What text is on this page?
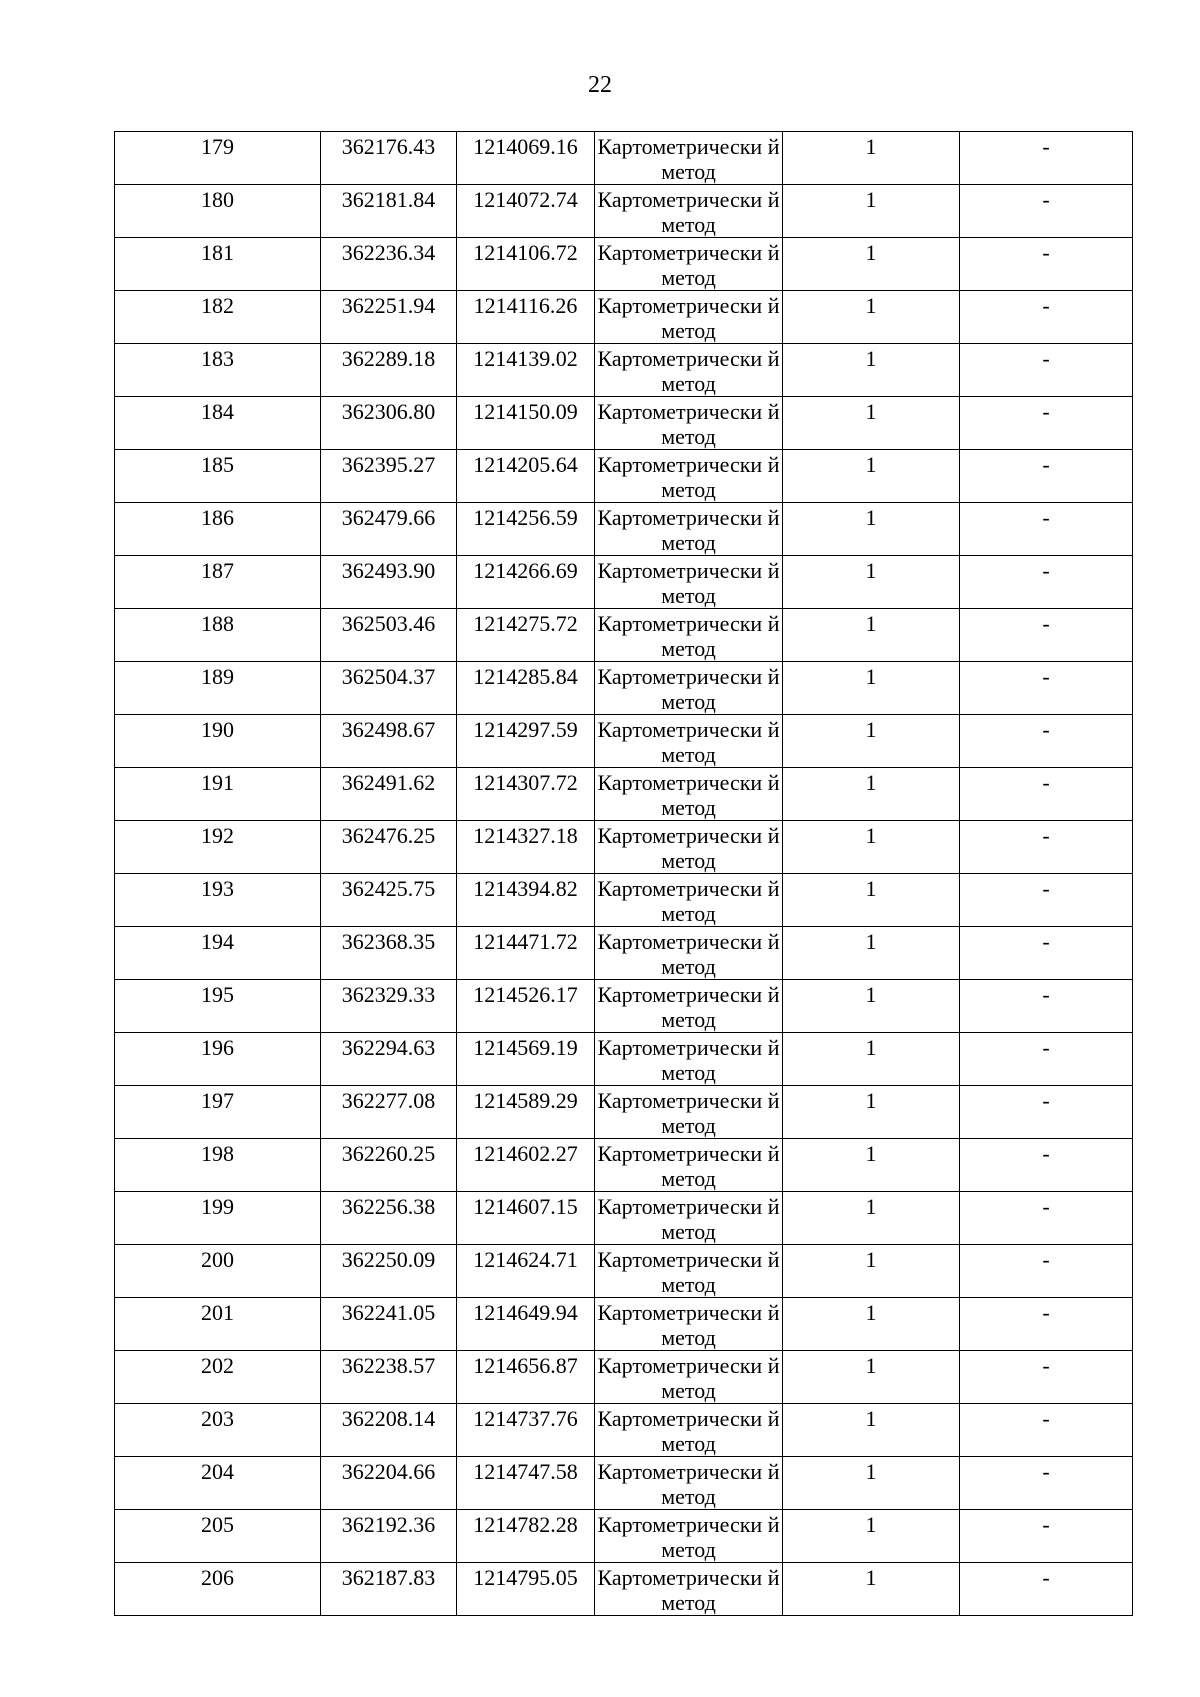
22
179	362176.43	1214069.16	Картометрически й метод	1	-
180	362181.84	1214072.74	Картометрически й метод	1	-
181	362236.34	1214106.72	Картометрически й метод	1	-
182	362251.94	1214116.26	Картометрически й метод	1	-
183	362289.18	1214139.02	Картометрически й метод	1	-
184	362306.80	1214150.09	Картометрически й метод	1	-
185	362395.27	1214205.64	Картометрически й метод	1	-
186	362479.66	1214256.59	Картометрически й метод	1	-
187	362493.90	1214266.69	Картометрически й метод	1	-
188	362503.46	1214275.72	Картометрически й метод	1	-
189	362504.37	1214285.84	Картометрически й метод	1	-
190	362498.67	1214297.59	Картометрически й метод	1	-
191	362491.62	1214307.72	Картометрически й метод	1	-
192	362476.25	1214327.18	Картометрически й метод	1	-
193	362425.75	1214394.82	Картометрически й метод	1	-
194	362368.35	1214471.72	Картометрически й метод	1	-
195	362329.33	1214526.17	Картометрически й метод	1	-
196	362294.63	1214569.19	Картометрически й метод	1	-
197	362277.08	1214589.29	Картометрически й метод	1	-
198	362260.25	1214602.27	Картометрически й метод	1	-
199	362256.38	1214607.15	Картометрически й метод	1	-
200	362250.09	1214624.71	Картометрически й метод	1	-
201	362241.05	1214649.94	Картометрически й метод	1	-
202	362238.57	1214656.87	Картометрически й метод	1	-
203	362208.14	1214737.76	Картометрически й метод	1	-
204	362204.66	1214747.58	Картометрически й метод	1	-
205	362192.36	1214782.28	Картометрически й метод	1	-
206	362187.83	1214795.05	Картометрически й метод	1	-
